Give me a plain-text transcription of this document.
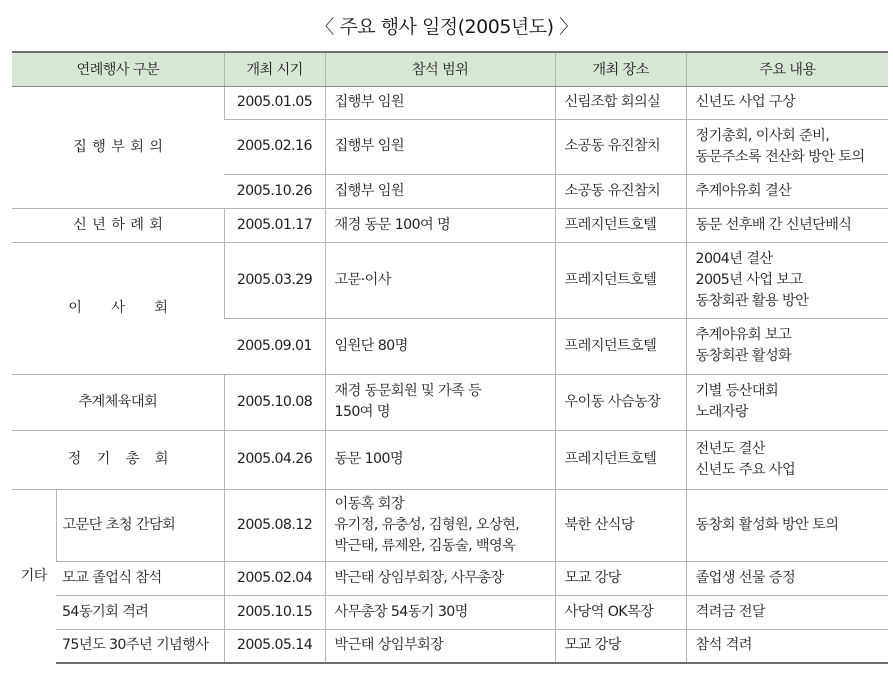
〈 주요 행사 일정(2005년도) 〉
연례행사 구분		개최 시기	참석 범위	개최 장소	주요 내용
집 행 부 회 의		2005.01.05	집행부 임원	신림조합 회의실	신년도 사업 구상
		2005.02.16	집행부 임원	소공동 유진참치	정기총회, 이사회 준비,
동문주소록 전산화 방안 토의

		2005.10.26	집행부 임원	소공동 유진참치	추계야유회 결산
신 년 하 례 회		2005.01.17	재경 동문 100여 명	프레지던트호텔	동문 선후배 간 신년단배식
이 사 회		2005.03.29	고문·이사	프레지던트호텔	2004년 결산
2005년 사업 보고
동창회관 활용 방안

		2005.09.01	임원단 80명	프레지던트호텔	추계야유회 보고
동창회관 활성화

추계체육대회		2005.10.08	재경 동문회원 및 가족 등
150여 명	우이동 사슴농장	기별 등산대회
노래자랑

정 기 총 회		2005.04.26	동문 100명	프레지던트호텔	전년도 결산
신년도 주요 사업

기타	고문단 초청 간담회	2005.08.12	이동혹 회장
유기정, 유충성, 김형원, 오상현,
박근태, 류제완, 김동술, 백영옥	북한 산식당	동창회 활성화 방안 토의
	모교 졸업식 참석	2005.02.04	박근태 상임부회장, 사무총장	모교 강당	졸업생 선물 증정
	54동기회 격려	2005.10.15	사무총장 54동기 30명	사당역 OK목장	격려금 전달
	75년도 30주년 기념행사	2005.05.14	박근태 상임부회장	모교 강당	참석 격려
